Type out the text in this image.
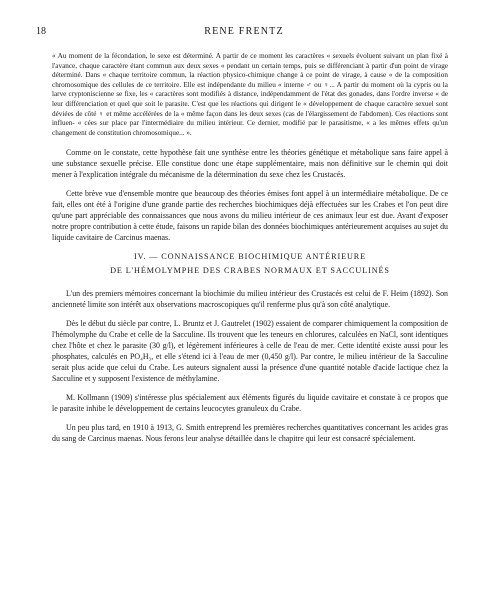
18	RENE FRENTZ

« Au moment de la fécondation, le sexe est déterminé. A partir de ce moment les caractères « sexuels évoluent suivant un plan fixé à l'avance, chaque caractère étant commun aux deux sexes « pendant un certain temps, puis se différenciant à partir d'un point de virage déterminé. Dans « chaque territoire commun, la réaction physico-chimique change à ce point de virage, à cause « de la composition chromosomique des cellules de ce territoire. Elle est indépendante du milieu « interne ♂ ou ♀... A partir du moment où la cypris ou la larve cryptoniscienne se fixe, les « caractères sont modifiés à distance, indépendamment de l'état des gonades, dans l'ordre inverse « de leur différenciation et quel que soit le parasite. C'est que les réactions qui dirigent le « développement de chaque caractère sexuel sont déviées de côté ♀ et même accélérées de la « même façon dans les deux sexes (cas de l'élargissement de l'abdomen). Ces réactions sont influen- « cées sur place par l'intermédiaire du milieu intérieur. Ce dernier, modifié par le parasitisme, « a les mêmes effets qu'un changement de constitution chromosomique... ».

Comme on le constate, cette hypothèse fait une synthèse entre les théories génétique et métabolique sans faire appel à une substance sexuelle précise. Elle constitue donc une étape supplémentaire, mais non définitive sur le chemin qui doit mener à l'explication intégrale du mécanisme de la détermination du sexe chez les Crustacés.

Cette brève vue d'ensemble montre que beaucoup des théories émises font appel à un intermédiaire métabolique. De ce fait, elles ont été à l'origine d'une grande partie des recherches biochimiques déjà effectuées sur les Crabes et l'on peut dire qu'une part appréciable des connaissances que nous avons du milieu intérieur de ces animaux leur est due. Avant d'exposer notre propre contribution à cette étude, faisons un rapide bilan des données biochimiques antérieurement acquises au sujet du liquide cavitaire de Carcinus maenas.

IV. — CONNAISSANCE BIOCHIMIQUE ANTÉRIEURE
DE L'HÉMOLYMPHE DES CRABES NORMAUX ET SACCULINÉS

L'un des premiers mémoires concernant la biochimie du milieu intérieur des Crustacés est celui de F. Heim (1892). Son ancienneté limite son intérêt aux observations macroscopiques qu'il renferme plus qu'à son côté analytique.

Dès le début du siècle par contre, L. Bruntz et J. Gautrelet (1902) essaient de comparer chimiquement la composition de l'hémolymphe du Crabe et celle de la Sacculine. Ils trouvent que les teneurs en chlorures, calculées en NaCl, sont identiques chez l'hôte et chez le parasite (30 g/l), et légèrement inférieures à celle de l'eau de mer. Cette identité existe aussi pour les phosphates, calculés en PO₄H₃, et elle s'étend ici à l'eau de mer (0,450 g/l). Par contre, le milieu intérieur de la Sacculine serait plus acide que celui du Crabe. Les auteurs signalent aussi la présence d'une quantité notable d'acide lactique chez la Sacculine et y supposent l'existence de méthylamine.

M. Kollmann (1909) s'intéresse plus spécialement aux éléments figurés du liquide cavitaire et constate à ce propos que le parasite inhibe le développement de certains leucocytes granuleux du Crabe.

Un peu plus tard, en 1910 à 1913, G. Smith entreprend les premières recherches quantitatives concernant les acides gras du sang de Carcinus maenas. Nous ferons leur analyse détaillée dans le chapitre qui leur est consacré spécialement.
